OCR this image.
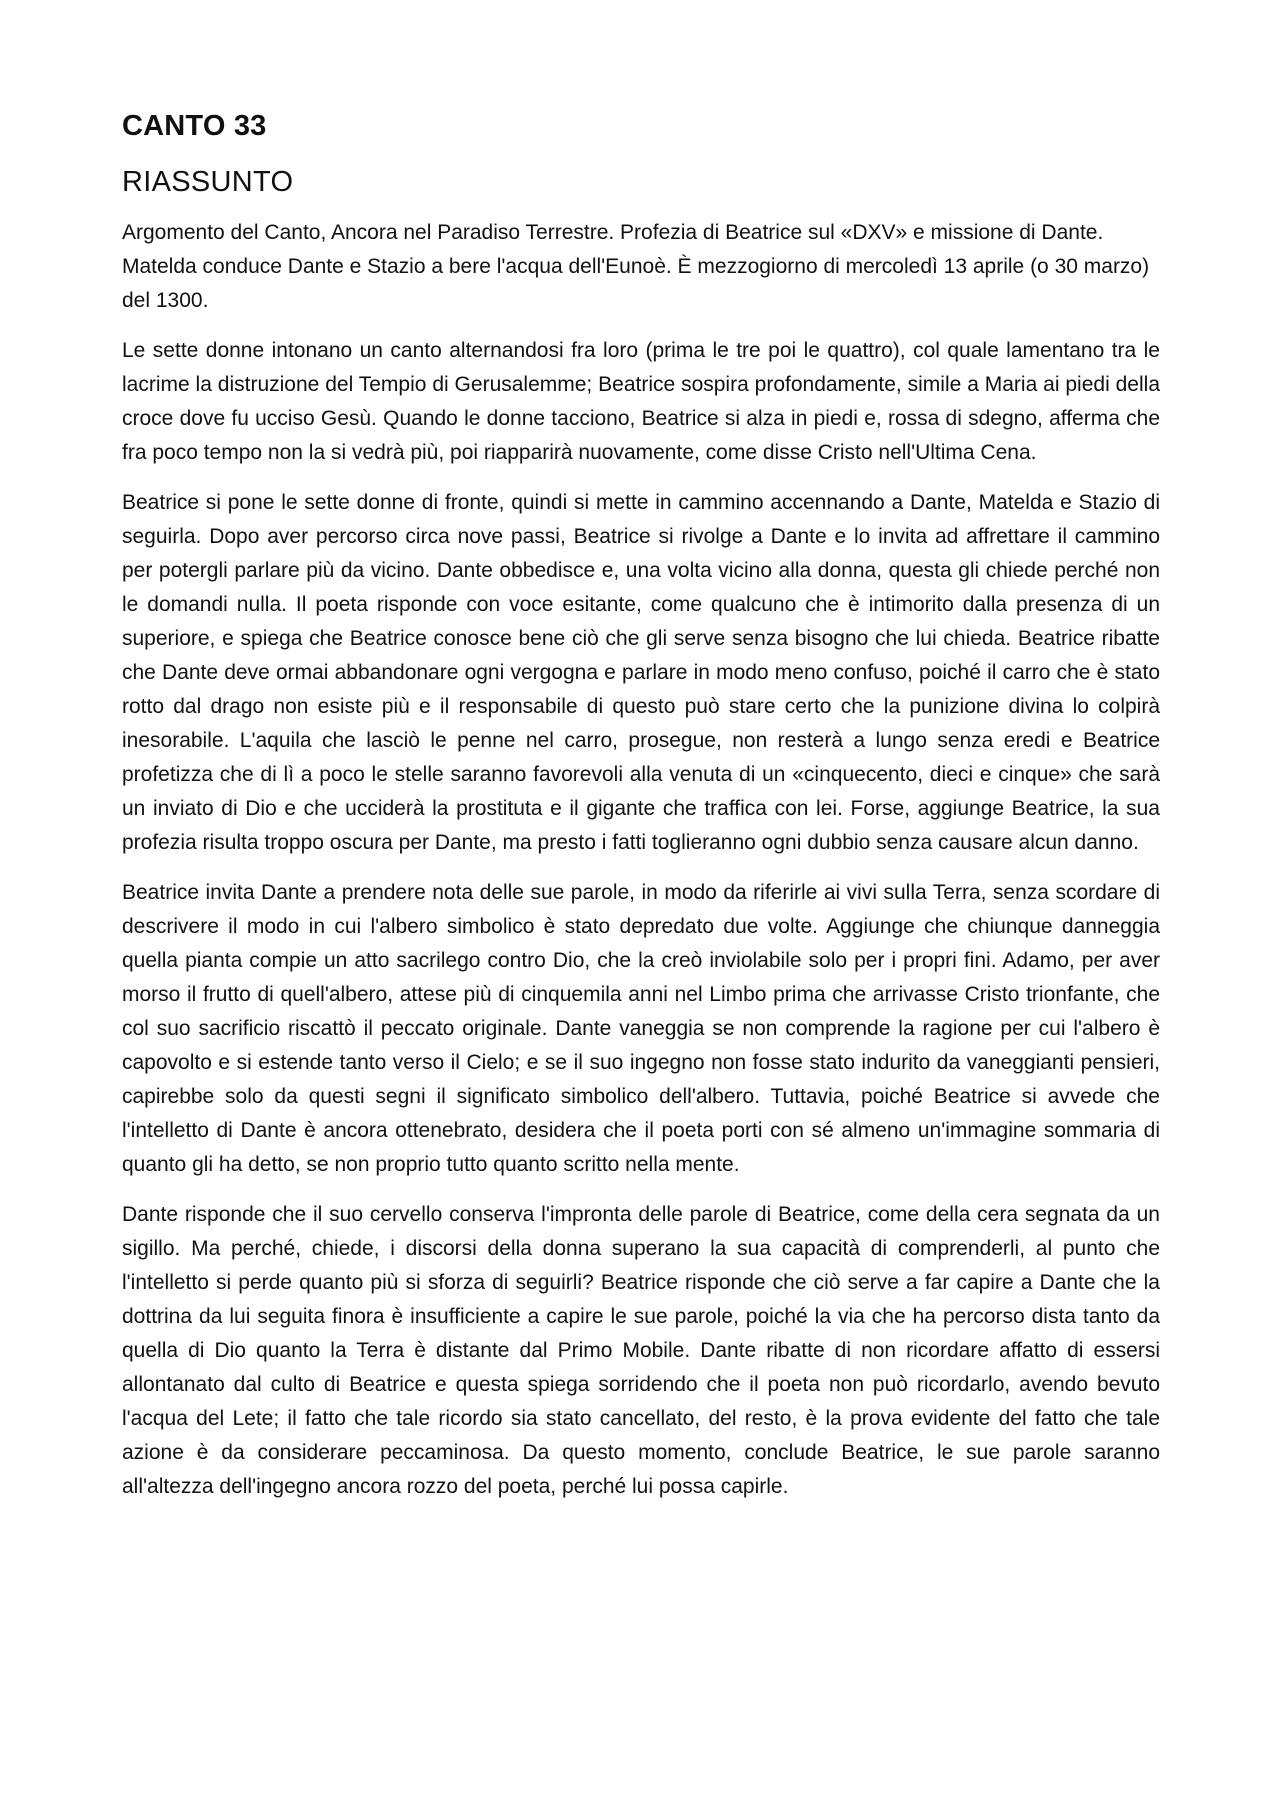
CANTO 33
RIASSUNTO

Argomento del Canto, Ancora nel Paradiso Terrestre. Profezia di Beatrice sul «DXV» e missione di Dante. Matelda conduce Dante e Stazio a bere l'acqua dell'Eunoè. È mezzogiorno di mercoledì 13 aprile (o 30 marzo) del 1300.

Le sette donne intonano un canto alternandosi fra loro (prima le tre poi le quattro), col quale lamentano tra le lacrime la distruzione del Tempio di Gerusalemme; Beatrice sospira profondamente, simile a Maria ai piedi della croce dove fu ucciso Gesù. Quando le donne tacciono, Beatrice si alza in piedi e, rossa di sdegno, afferma che fra poco tempo non la si vedrà più, poi riapparirà nuovamente, come disse Cristo nell'Ultima Cena.

Beatrice si pone le sette donne di fronte, quindi si mette in cammino accennando a Dante, Matelda e Stazio di seguirla. Dopo aver percorso circa nove passi, Beatrice si rivolge a Dante e lo invita ad affrettare il cammino per potergli parlare più da vicino. Dante obbedisce e, una volta vicino alla donna, questa gli chiede perché non le domandi nulla. Il poeta risponde con voce esitante, come qualcuno che è intimorito dalla presenza di un superiore, e spiega che Beatrice conosce bene ciò che gli serve senza bisogno che lui chieda. Beatrice ribatte che Dante deve ormai abbandonare ogni vergogna e parlare in modo meno confuso, poiché il carro che è stato rotto dal drago non esiste più e il responsabile di questo può stare certo che la punizione divina lo colpirà inesorabile. L'aquila che lasciò le penne nel carro, prosegue, non resterà a lungo senza eredi e Beatrice profetizza che di lì a poco le stelle saranno favorevoli alla venuta di un «cinquecento, dieci e cinque» che sarà un inviato di Dio e che ucciderà la prostituta e il gigante che traffica con lei. Forse, aggiunge Beatrice, la sua profezia risulta troppo oscura per Dante, ma presto i fatti toglieranno ogni dubbio senza causare alcun danno.

Beatrice invita Dante a prendere nota delle sue parole, in modo da riferirle ai vivi sulla Terra, senza scordare di descrivere il modo in cui l'albero simbolico è stato depredato due volte. Aggiunge che chiunque danneggia quella pianta compie un atto sacrilego contro Dio, che la creò inviolabile solo per i propri fini. Adamo, per aver morso il frutto di quell'albero, attese più di cinquemila anni nel Limbo prima che arrivasse Cristo trionfante, che col suo sacrificio riscattò il peccato originale. Dante vaneggia se non comprende la ragione per cui l'albero è capovolto e si estende tanto verso il Cielo; e se il suo ingegno non fosse stato indurito da vaneggianti pensieri, capirebbe solo da questi segni il significato simbolico dell'albero. Tuttavia, poiché Beatrice si avvede che l'intelletto di Dante è ancora ottenebrato, desidera che il poeta porti con sé almeno un'immagine sommaria di quanto gli ha detto, se non proprio tutto quanto scritto nella mente.

Dante risponde che il suo cervello conserva l'impronta delle parole di Beatrice, come della cera segnata da un sigillo. Ma perché, chiede, i discorsi della donna superano la sua capacità di comprenderli, al punto che l'intelletto si perde quanto più si sforza di seguirli? Beatrice risponde che ciò serve a far capire a Dante che la dottrina da lui seguita finora è insufficiente a capire le sue parole, poiché la via che ha percorso dista tanto da quella di Dio quanto la Terra è distante dal Primo Mobile. Dante ribatte di non ricordare affatto di essersi allontanato dal culto di Beatrice e questa spiega sorridendo che il poeta non può ricordarlo, avendo bevuto l'acqua del Lete; il fatto che tale ricordo sia stato cancellato, del resto, è la prova evidente del fatto che tale azione è da considerare peccaminosa. Da questo momento, conclude Beatrice, le sue parole saranno all'altezza dell'ingegno ancora rozzo del poeta, perché lui possa capirle.
